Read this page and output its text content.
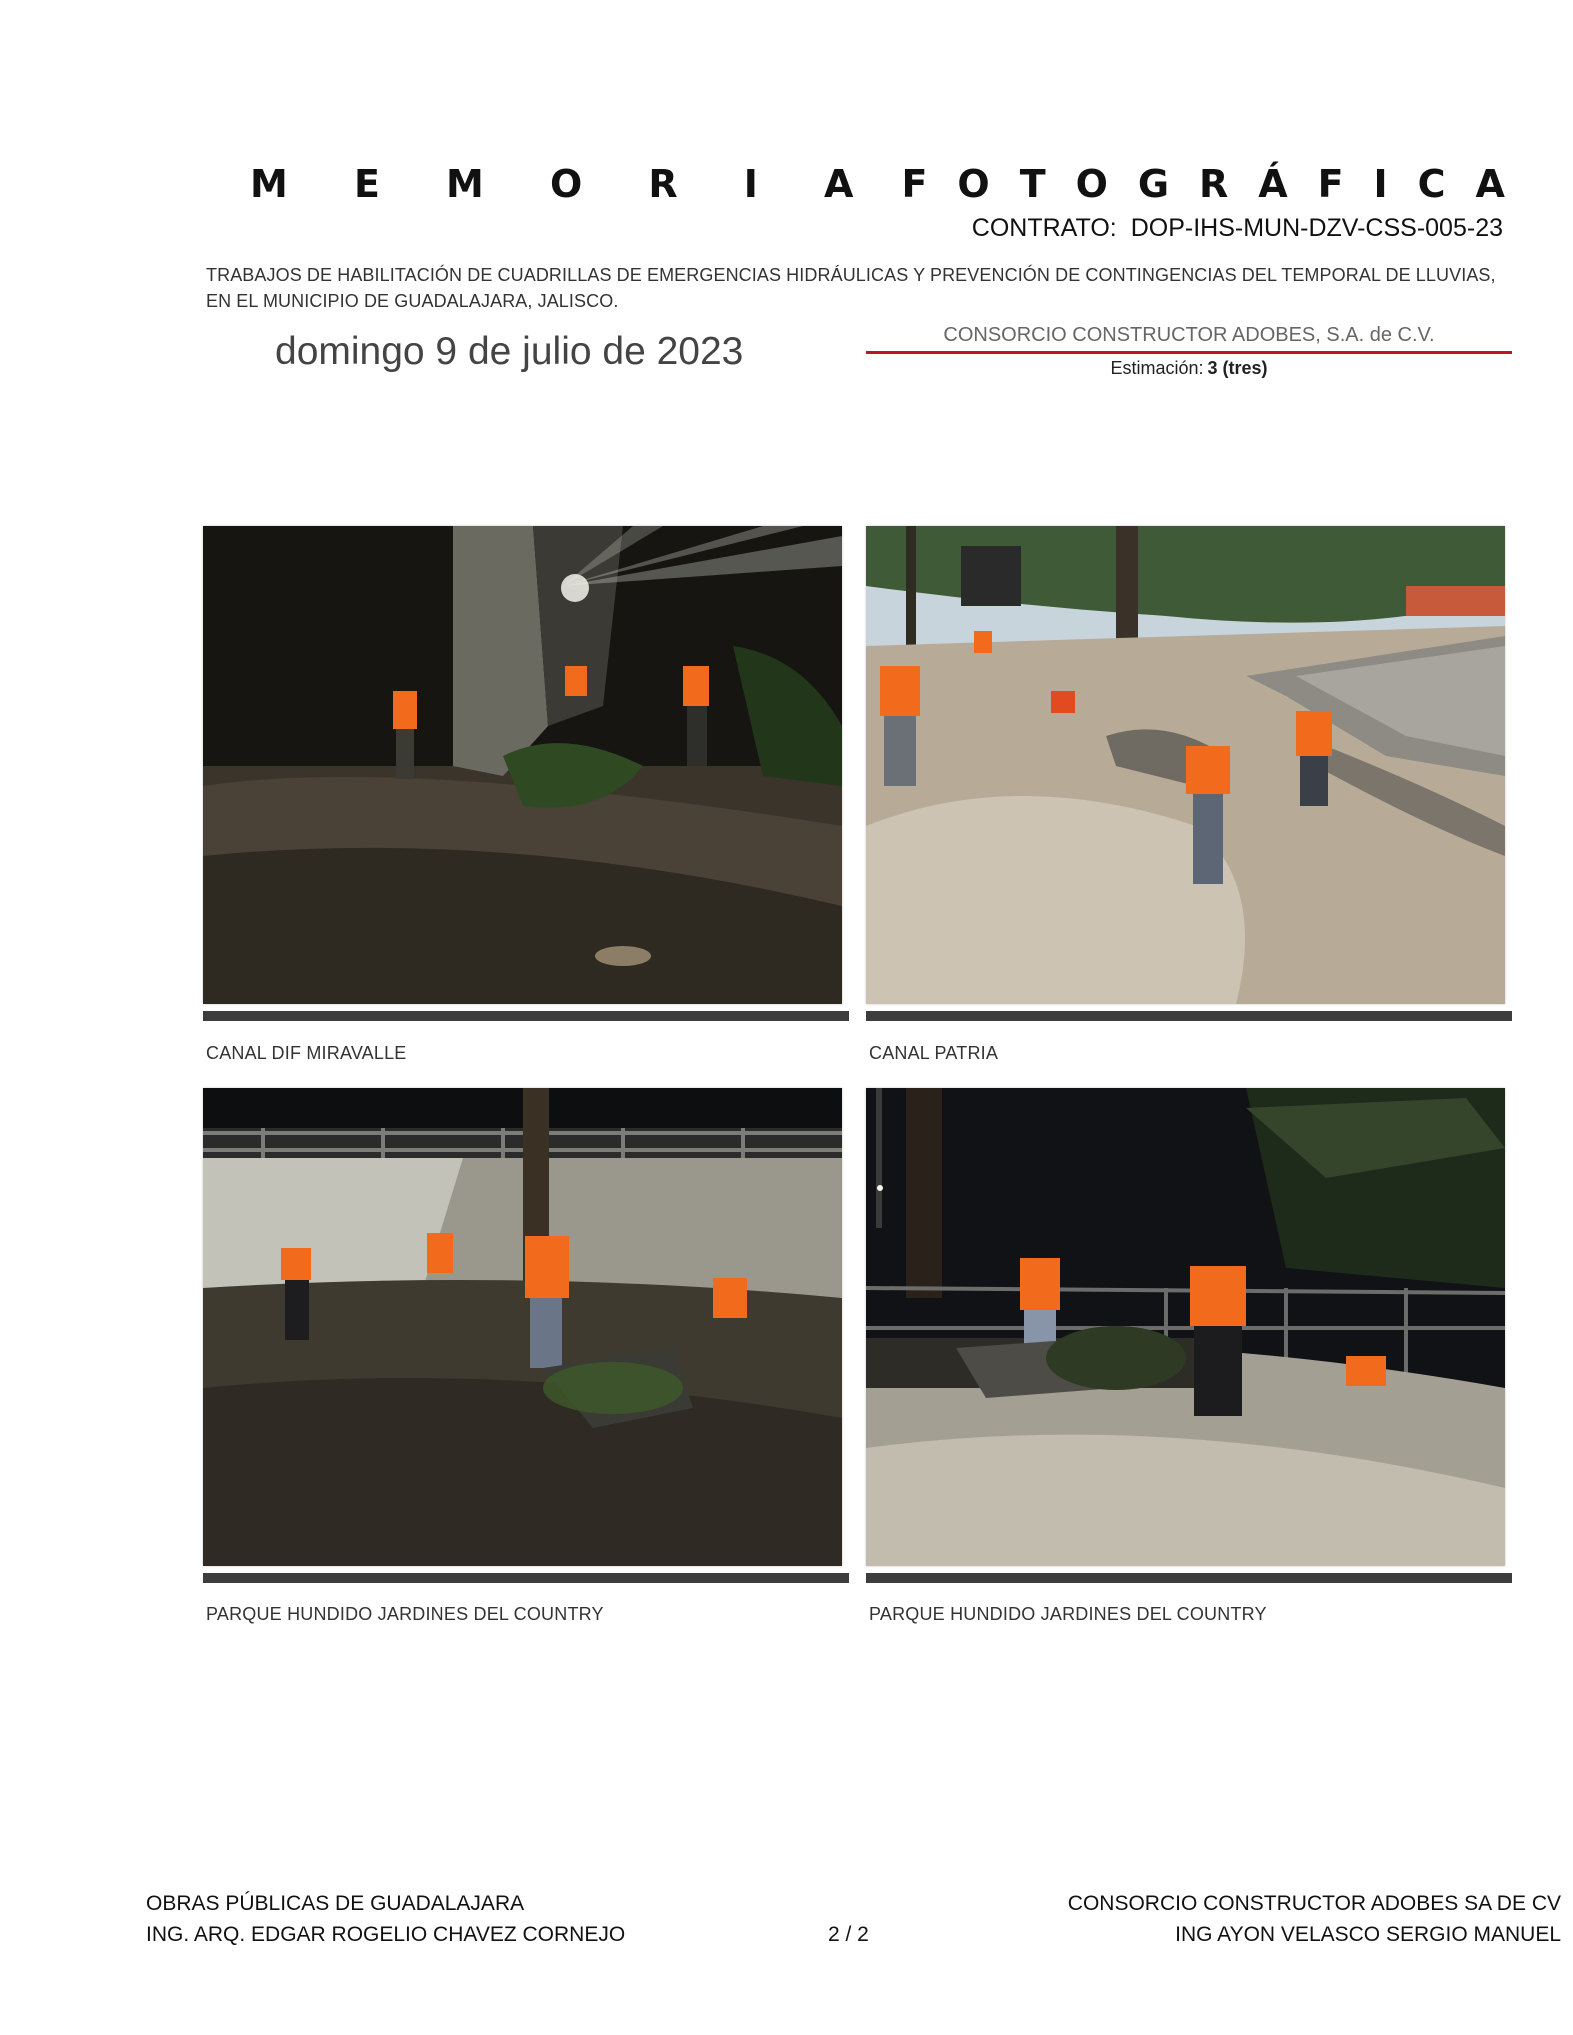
M E M O R I A F O T O G R Á F I C A
CONTRATO: DOP-IHS-MUN-DZV-CSS-005-23
TRABAJOS DE HABILITACIÓN DE CUADRILLAS DE EMERGENCIAS HIDRÁULICAS Y PREVENCIÓN DE CONTINGENCIAS DEL TEMPORAL DE LLUVIAS, EN EL MUNICIPIO DE GUADALAJARA, JALISCO.
domingo 9 de julio de 2023	CONSORCIO CONSTRUCTOR ADOBES, S.A. de C.V.
Estimación: 3 (tres)
CANAL DIF MIRAVALLE	CANAL PATRIA
PARQUE HUNDIDO JARDINES DEL COUNTRY	PARQUE HUNDIDO JARDINES DEL COUNTRY
OBRAS PÚBLICAS DE GUADALAJARA
ING. ARQ. EDGAR ROGELIO CHAVEZ CORNEJO	2 / 2
CONSORCIO CONSTRUCTOR ADOBES SA DE CV
ING AYON VELASCO SERGIO MANUEL
